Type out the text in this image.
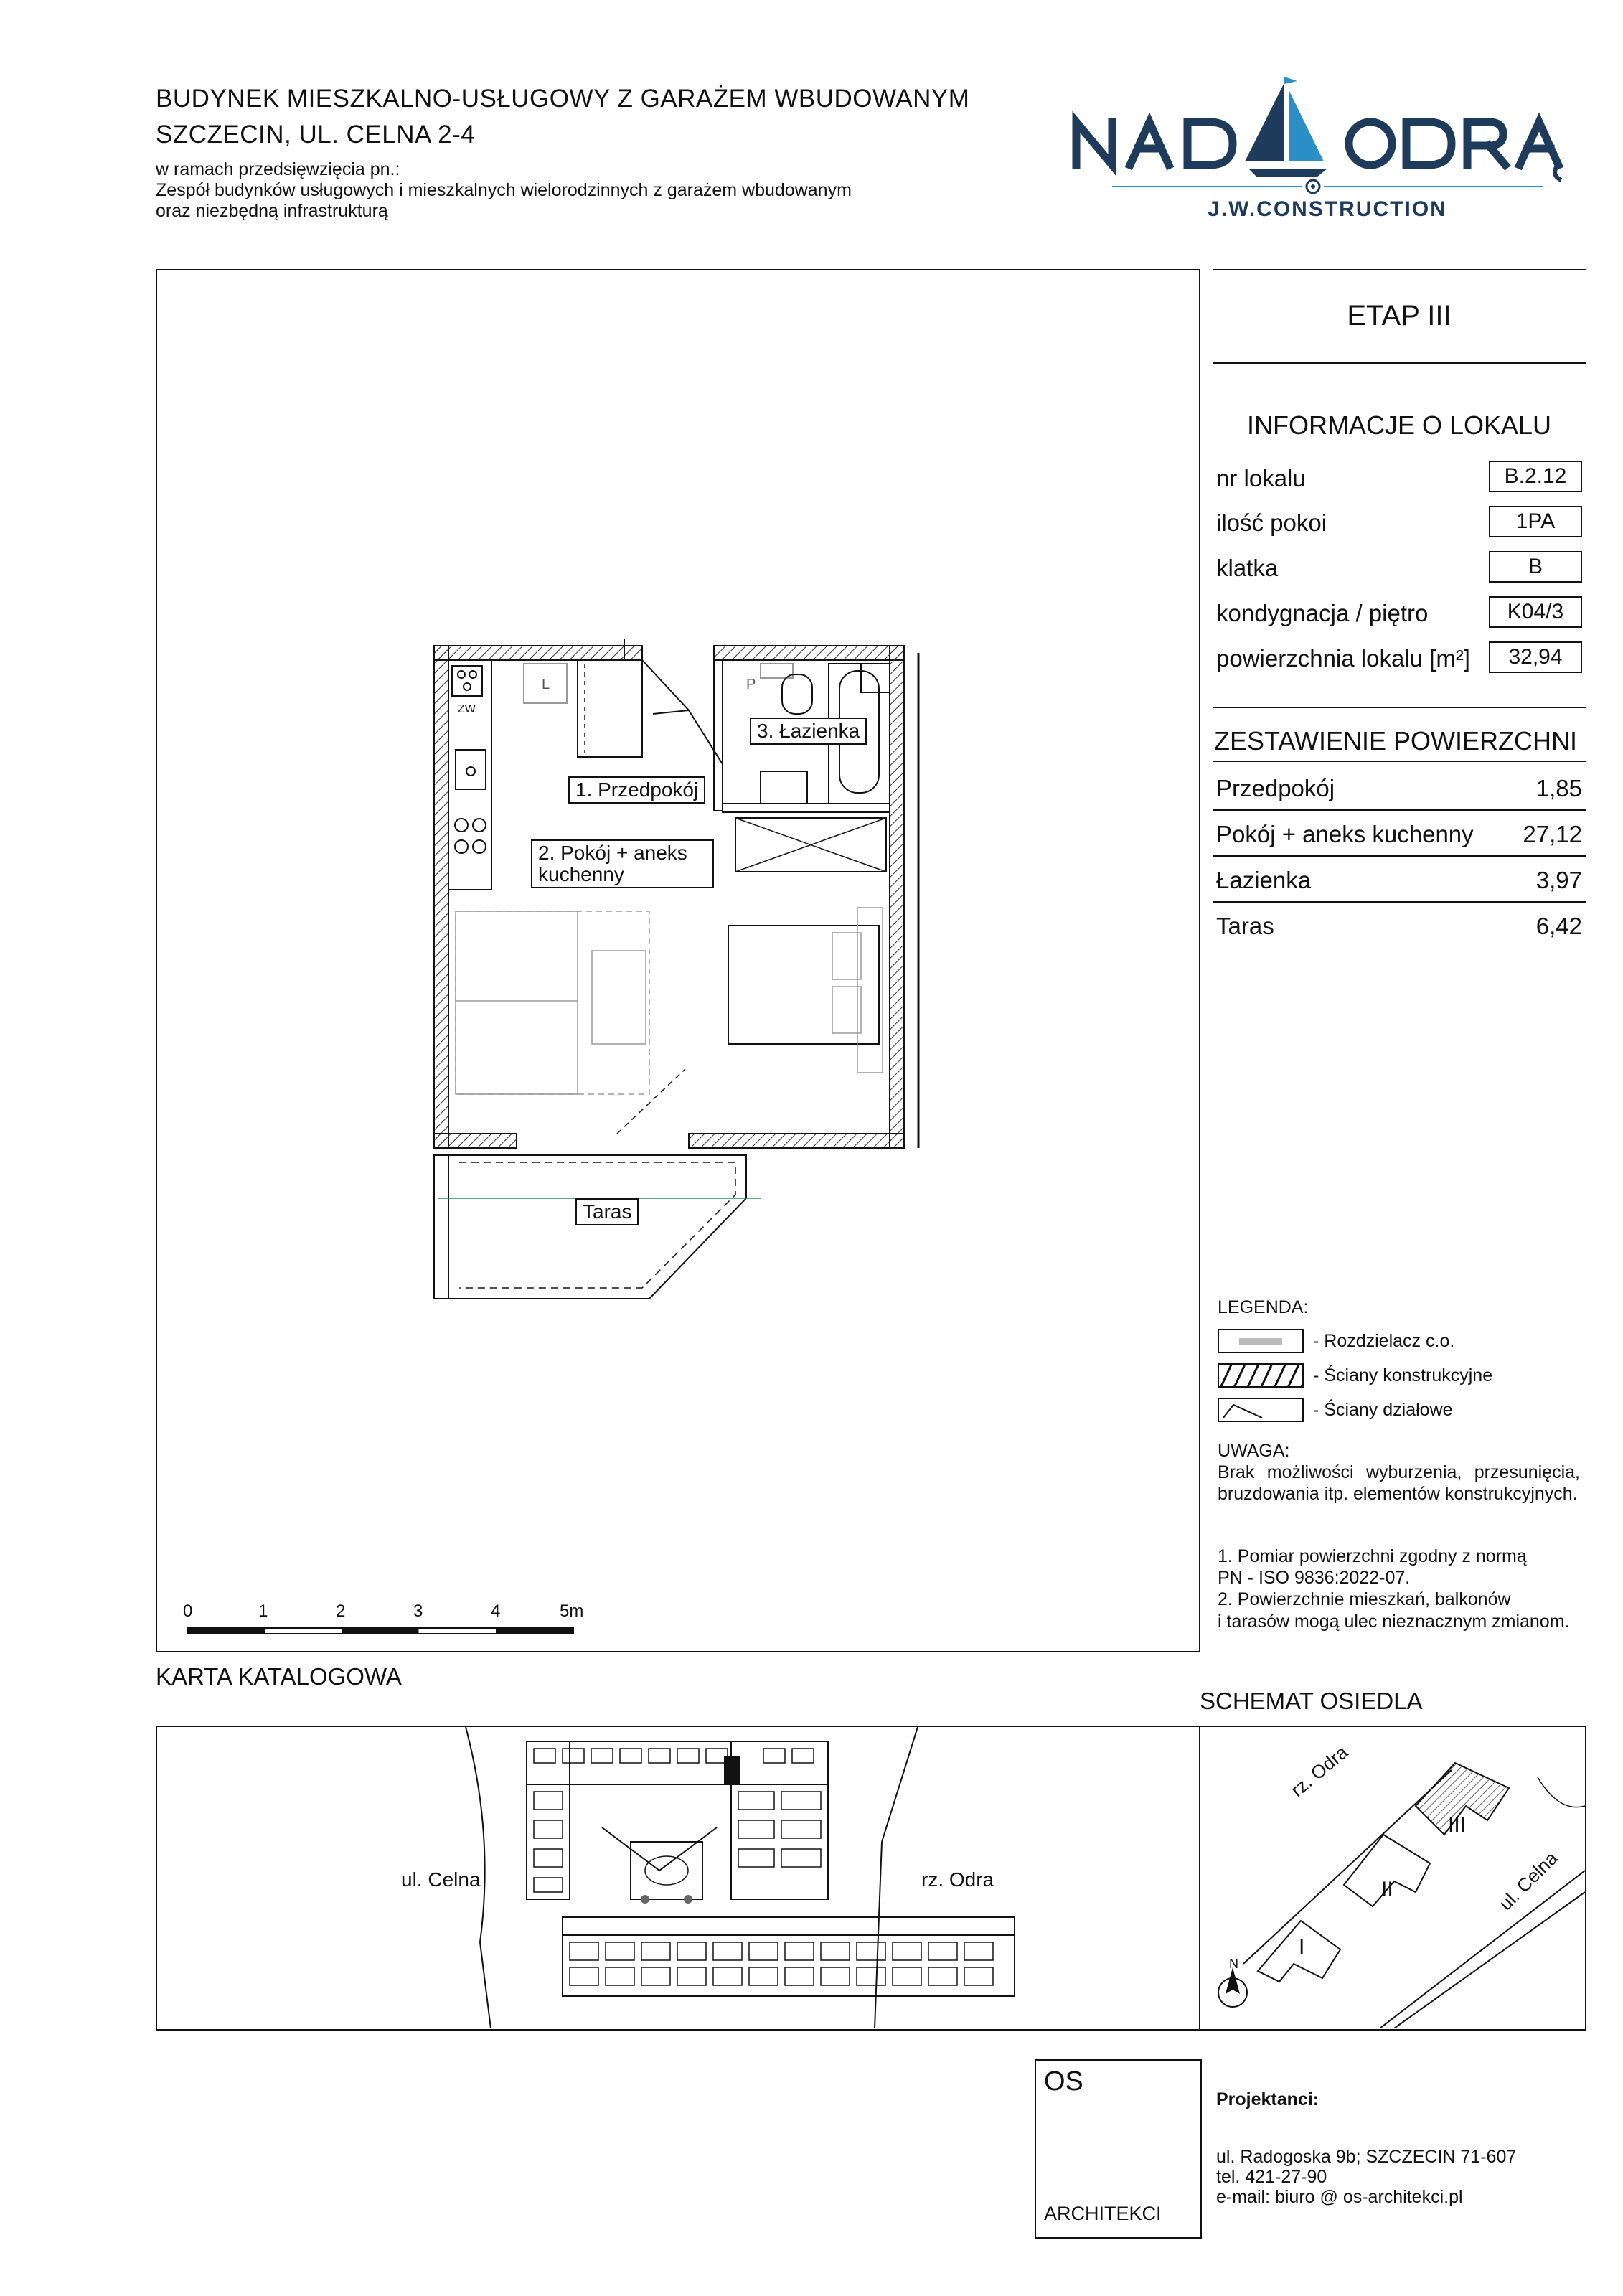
BUDYNEK MIESZKALNO-USŁUGOWY Z GARAŻEM WBUDOWANYM
SZCZECIN, UL. CELNA 2-4
w ramach przedsięwzięcia pn.:
Zespół budynków usługowych i mieszkalnych wielorodzinnych z garażem wbudowanym
oraz niezbędną infrastrukturą	J.W.CONSTRUCTION
L	P
1. Przedpokój
2. Pokój + aneks kuchenny
3. Łazienka
Taras
ZW
0	1	2	3	4	5m
ETAP III
INFORMACJE O LOKALU
nr lokalu	B.2.12
ilość pokoi	1PA
klatka	B
kondygnacja / piętro	K04/3
powierzchnia lokalu [m²]	32,94
ZESTAWIENIE POWIERZCHNI
Przedpokój	1,85
Pokój + aneks kuchenny	27,12
Łazienka	3,97
Taras	6,42
LEGENDA:
- Rozdzielacz c.o.
- Ściany konstrukcyjne
- Ściany działowe
UWAGA:
Brak możliwości wyburzenia, przesunięcia, bruzdowania itp. elementów konstrukcyjnych.
1. Pomiar powierzchni zgodny z normą
PN - ISO 9836:2022-07.
2. Powierzchnie mieszkań, balkonów
i tarasów mogą ulec nieznacznym zmianom.
KARTA KATALOGOWA
SCHEMAT OSIEDLA
ul. Celna	rz. Odra
rz. Odra
ul. Celna
I
II
III
N
OS
ARCHITEKCI
Projektanci:
ul. Radogoska 9b; SZCZECIN 71-607
tel. 421-27-90
e-mail: biuro @ os-architekci.pl
